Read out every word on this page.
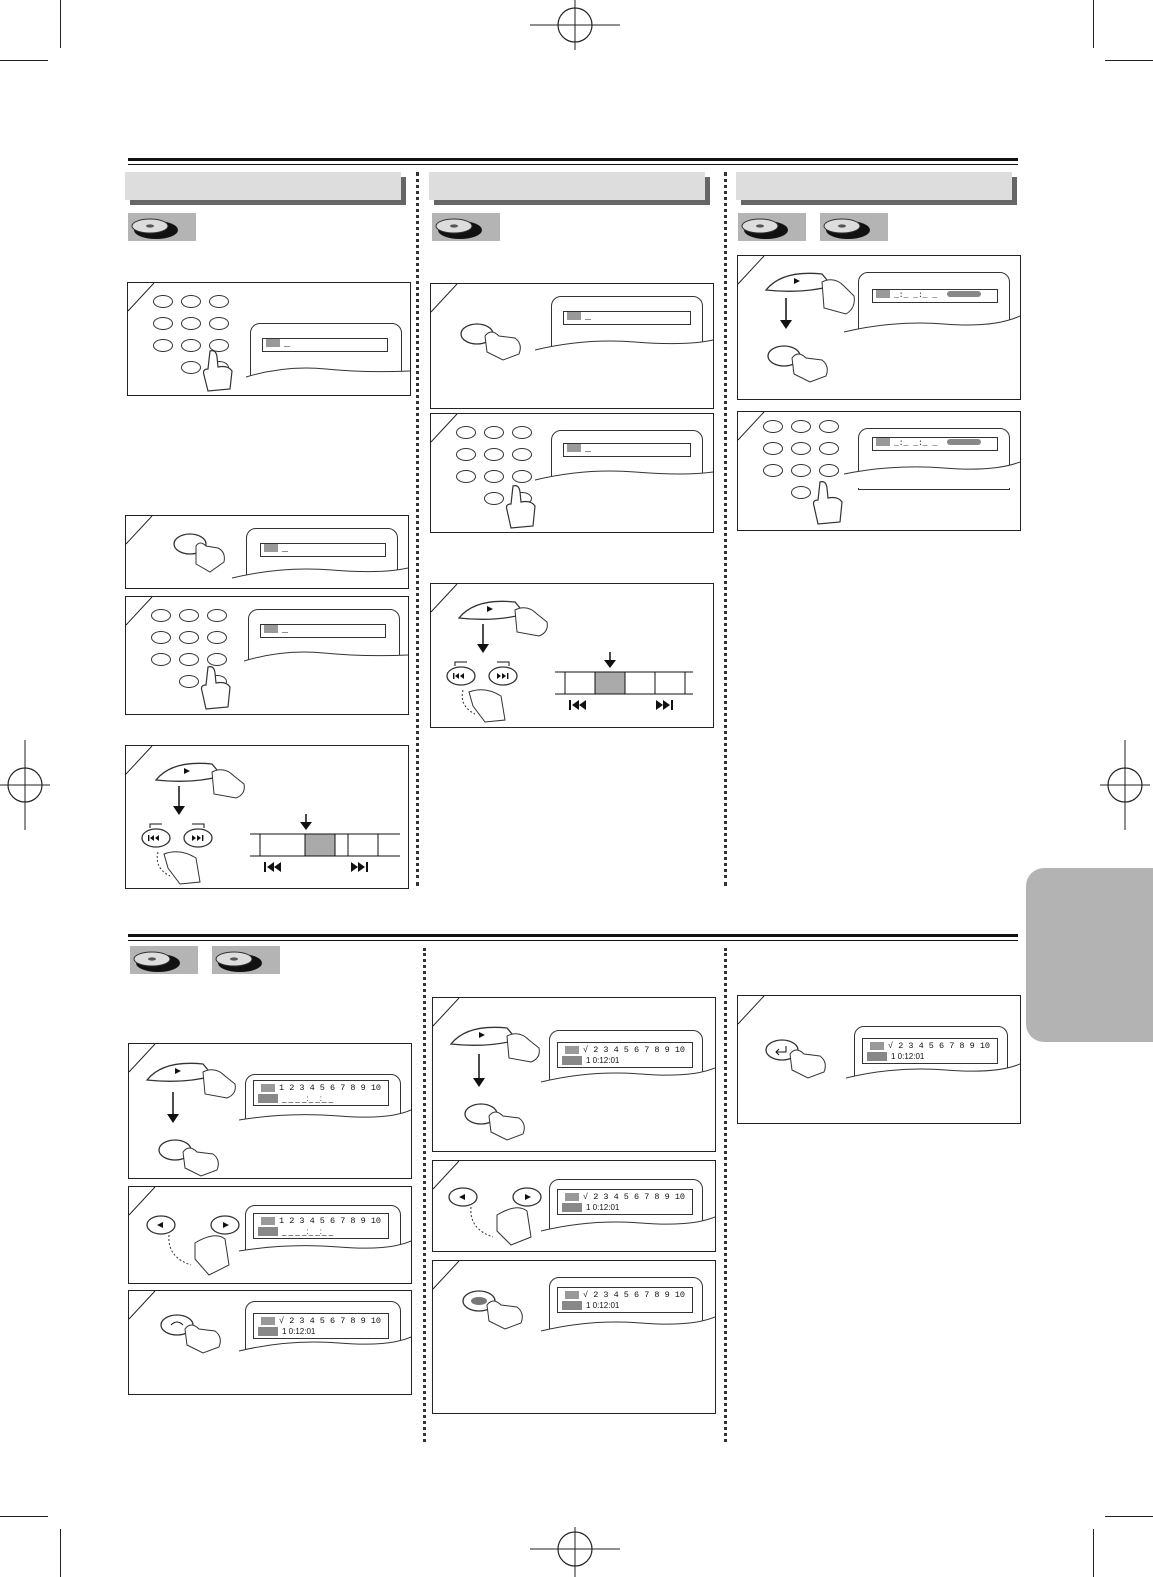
_
_
_
_
_
_:_ _:_ _
_:_ _:_ _
1 2 3 4 5 6 7 8 9 10
_ _ _ _:_ _:_ _
1 2 3 4 5 6 7 8 9 10
_ _ _ _:_ _:_ _
√ 2 3 4 5 6 7 8 9 10
1 0:12:01
√ 2 3 4 5 6 7 8 9 10
1 0:12:01
√ 2 3 4 5 6 7 8 9 10
1 0:12:01
√ 2 3 4 5 6 7 8 9 10
1 0:12:01
√ 2 3 4 5 6 7 8 9 10
1 0:12:01
